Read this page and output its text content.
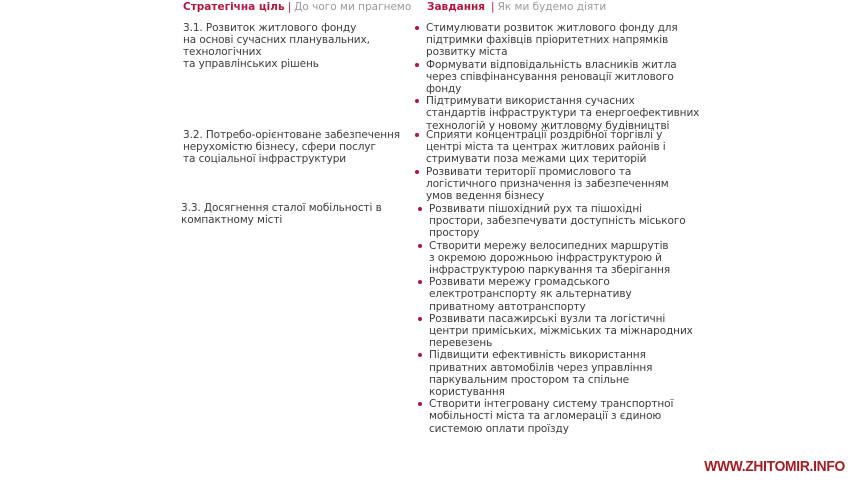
Стратегічна ціль | До чого ми прагнемо Завдання | Як ми будемо діяти
3.1. Розвиток житлового фонду
на основі сучасних планувальних,
технологічних
та управлінських рішень
Стимулювати розвиток житлового фонду для
підтримки фахівців пріоритетних напрямків
розвитку міста
Формувати відповідальність власників житла
через співфінансування реновації житлового
фонду
Підтримувати використання сучасних
стандартів інфраструктури та енергоефективних
технологій у новому житловому будівництві
3.2. Потребо-орієнтоване забезпечення
нерухомістю бізнесу, сфери послуг
та соціальної інфраструктури
Сприяти концентрації роздрібної торгівлі у
центрі міста та центрах житлових районів і
стримувати поза межами цих територій
Розвивати території промислового та
логістичного призначення із забезпеченням
умов ведення бізнесу
3.3. Досягнення сталої мобільності в
компактному місті
Розвивати пішохідний рух та пішохідні
простори, забезпечувати доступність міського
простору
Створити мережу велосипедних маршрутів
з окремою дорожньою інфраструктурою й
інфраструктурою паркування та зберігання
Розвивати мережу громадського
електротранспорту як альтернативу
приватному автотранспорту
Розвивати пасажирські вузли та логістичні
центри приміських, міжміських та міжнародних
перевезень
Підвищити ефективність використання
приватних автомобілів через управління
паркувальним простором та спільне
користування
Створити інтегровану систему транспортної
мобільності міста та агломерації з єдиною
системою оплати проїзду
WWW.ZHITOMIR.INFO
